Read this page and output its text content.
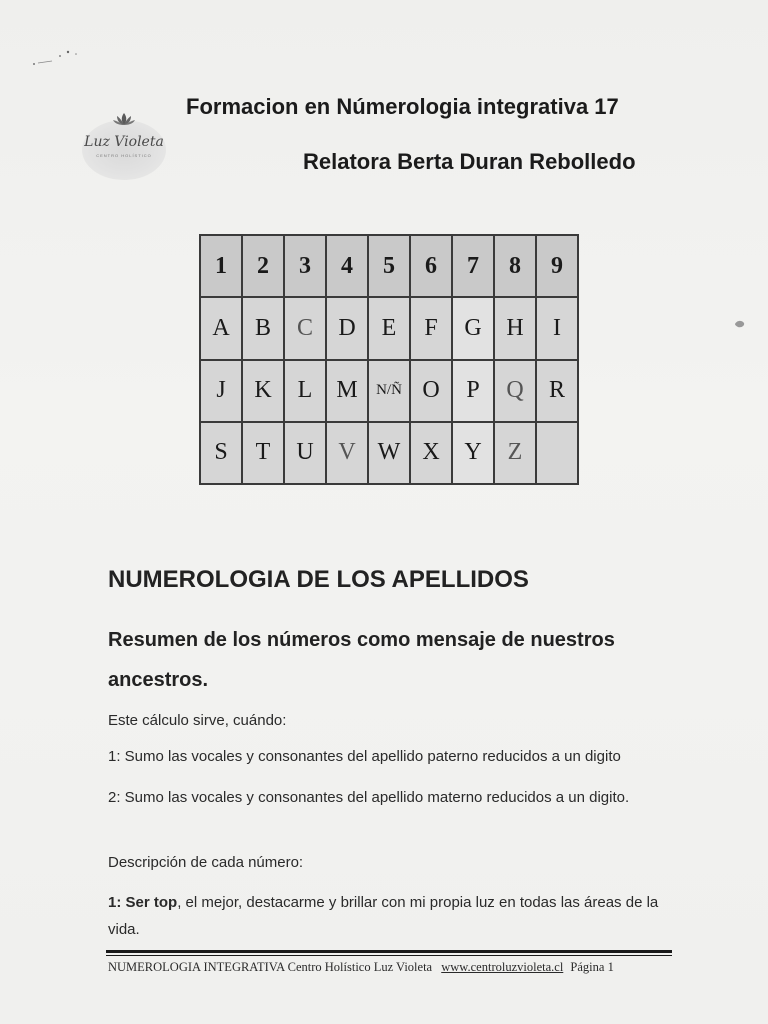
Luz Violeta
CENTRO HOLÍSTICO
Formacion en Númerologia integrativa 17
Relatora Berta Duran Rebolledo
1	2	3	4	5	6	7	8	9
A	B	C	D	E	F	G	H	I
J	K	L	M	N/Ñ	O	P	Q	R
S	T	U	V	W	X	Y	Z	
NUMEROLOGIA DE LOS APELLIDOS
Resumen de los números como mensaje de nuestros ancestros.
Este cálculo sirve, cuándo:
1: Sumo las vocales y consonantes del apellido paterno reducidos a un digito
2: Sumo las vocales y consonantes del apellido materno reducidos a un digito.
Descripción de cada número:
1: Ser top, el mejor, destacarme y brillar con mi propia luz en todas las áreas de la vida.
NUMEROLOGIA INTEGRATIVA Centro Holístico Luz Violeta www.centroluzvioleta.cl Página 1
